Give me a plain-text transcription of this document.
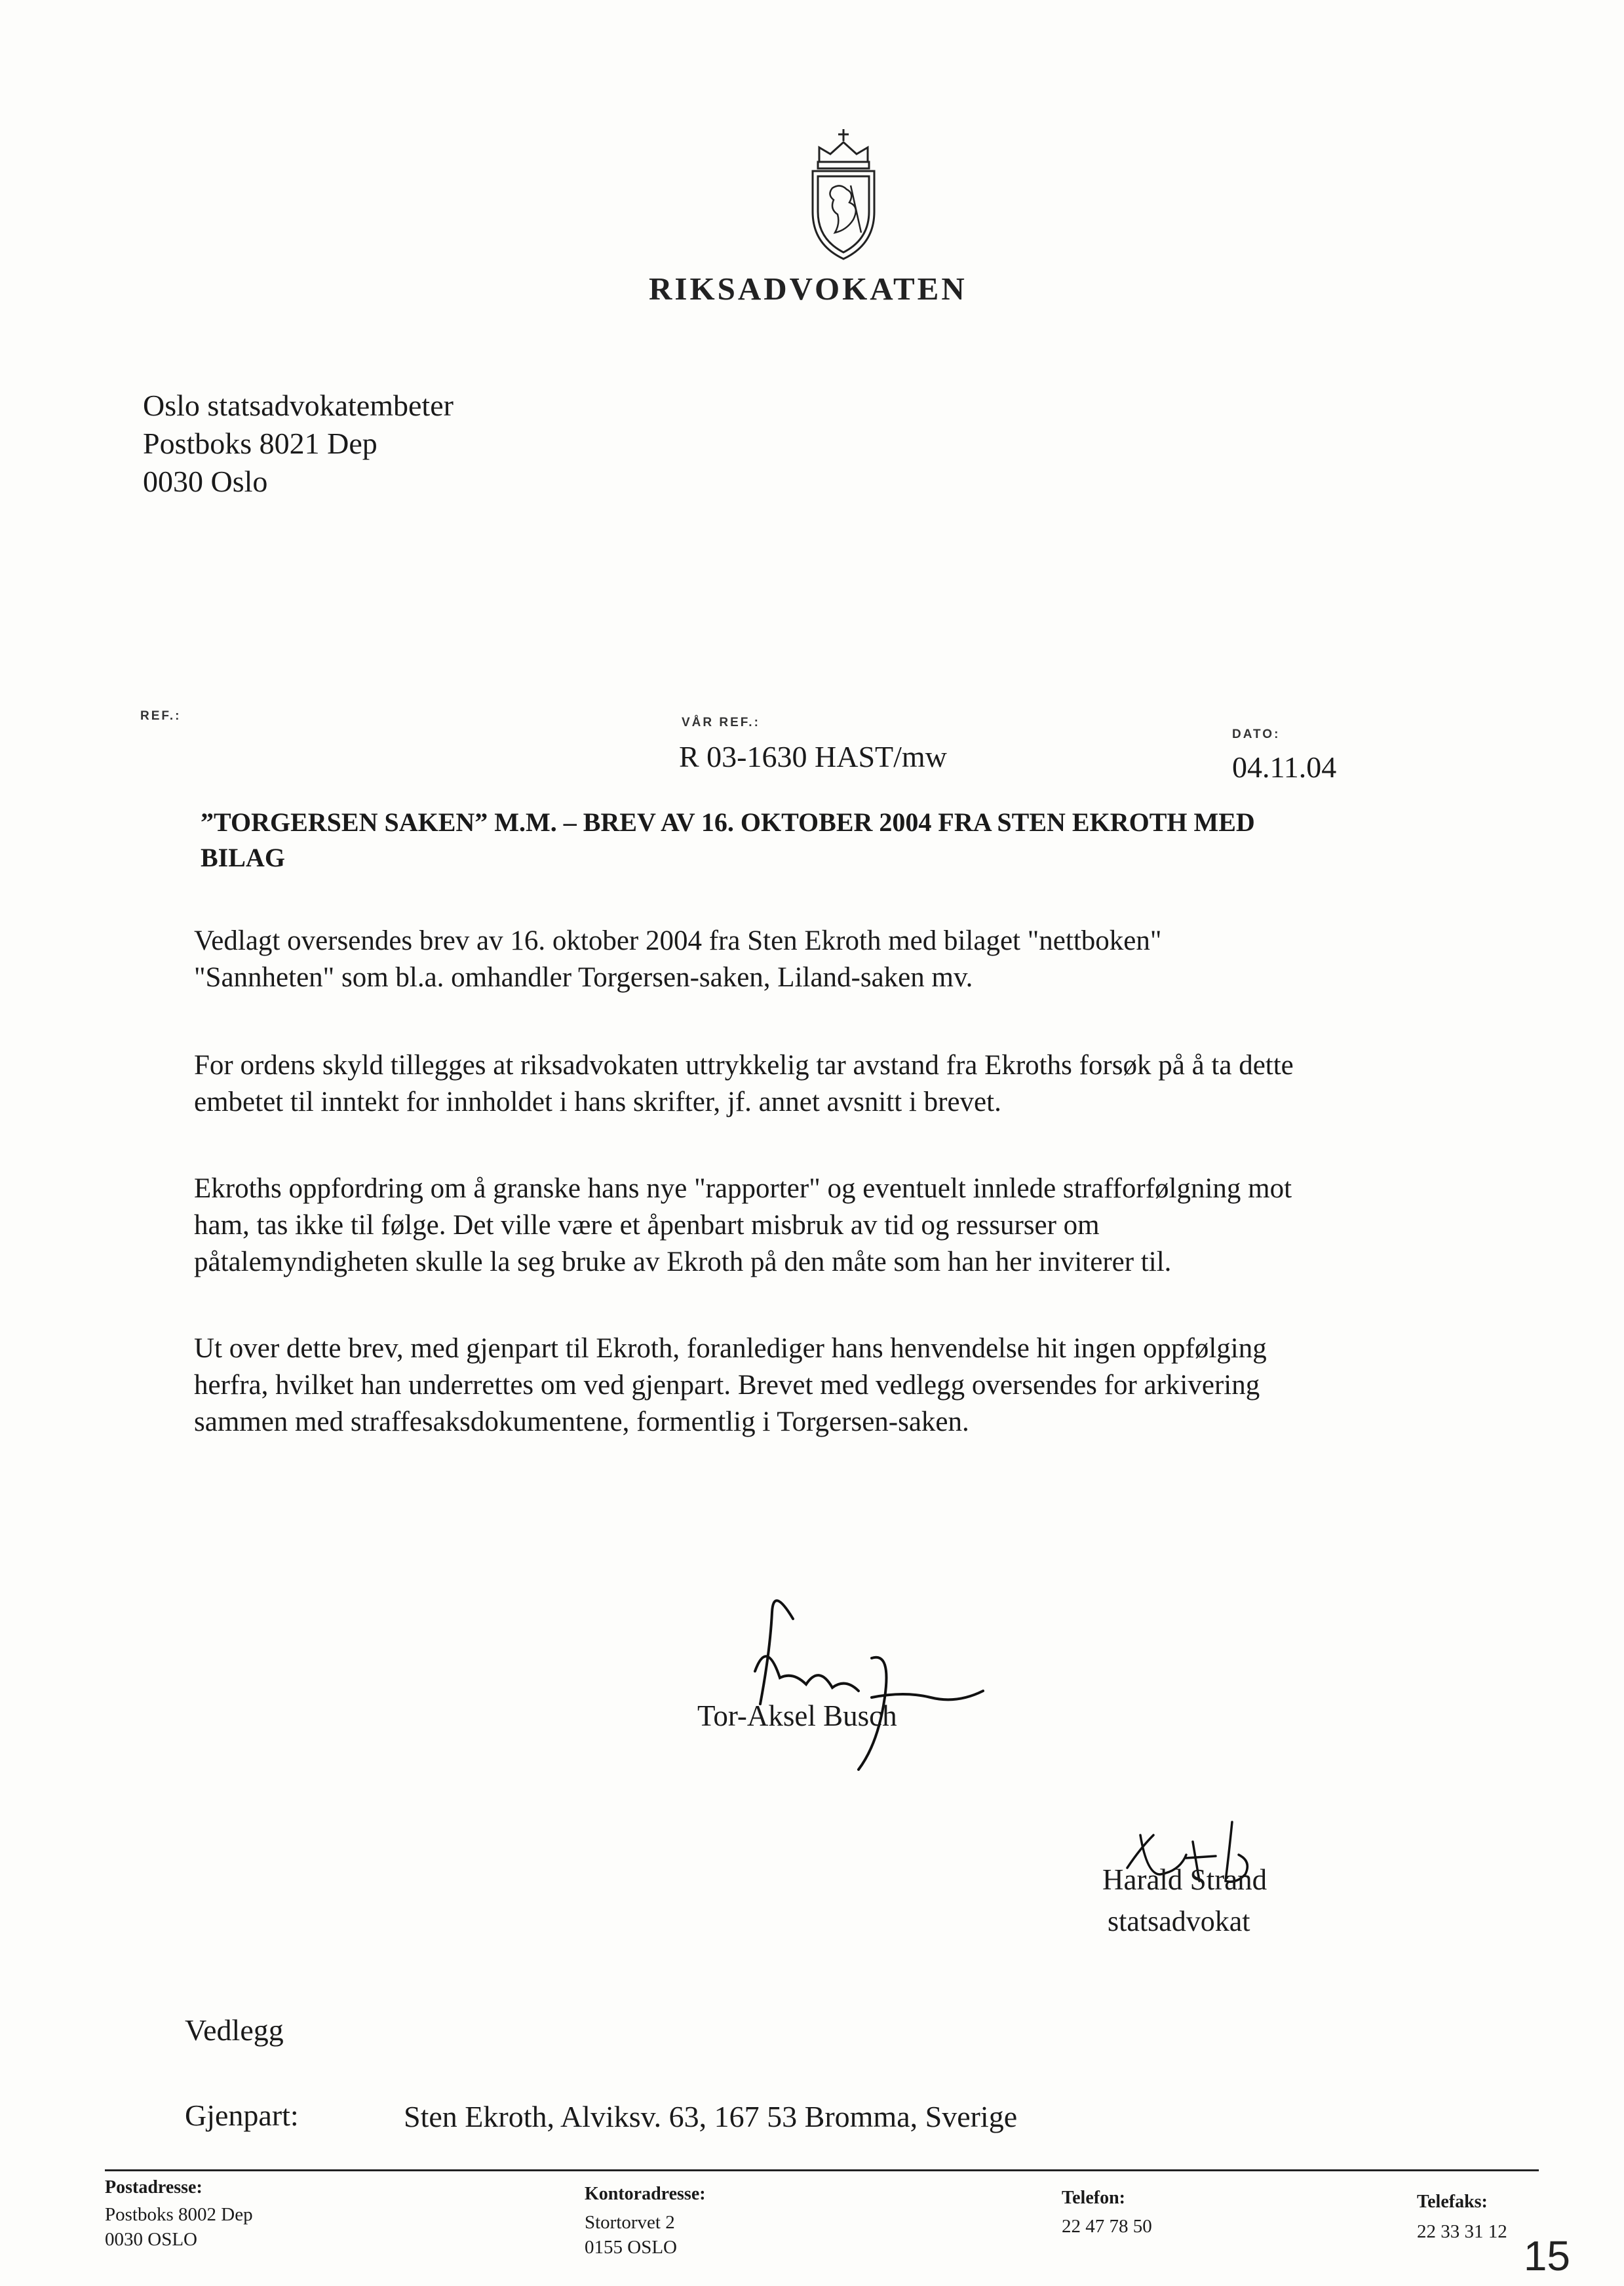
RIKSADVOKATEN
Oslo statsadvokatembeter
Postboks 8021 Dep
0030 Oslo
REF.:	VÅR REF.:
R 03-1630 HAST/mw
DATO:
04.11.04
”TORGERSEN SAKEN” M.M. – BREV AV 16. OKTOBER 2004 FRA STEN EKROTH MED
BILAG
Vedlagt oversendes brev av 16. oktober 2004 fra Sten Ekroth med bilaget "nettboken"
"Sannheten" som bl.a. omhandler Torgersen-saken, Liland-saken mv.
For ordens skyld tillegges at riksadvokaten uttrykkelig tar avstand fra Ekroths forsøk på å ta dette
embetet til inntekt for innholdet i hans skrifter, jf. annet avsnitt i brevet.
Ekroths oppfordring om å granske hans nye "rapporter" og eventuelt innlede strafforfølgning mot
ham, tas ikke til følge. Det ville være et åpenbart misbruk av tid og ressurser om
påtalemyndigheten skulle la seg bruke av Ekroth på den måte som han her inviterer til.
Ut over dette brev, med gjenpart til Ekroth, foranlediger hans henvendelse hit ingen oppfølging
herfra, hvilket han underrettes om ved gjenpart. Brevet med vedlegg oversendes for arkivering
sammen med straffesaksdokumentene, formentlig i Torgersen-saken.
Tor-Aksel Busch
Harald Strand
statsadvokat
Vedlegg
Gjenpart:	Sten Ekroth, Alviksv. 63, 167 53 Bromma, Sverige
Postadresse:
Postboks 8002 Dep
0030 OSLO
Kontoradresse:
Stortorvet 2
0155 OSLO
Telefon:
22 47 78 50
Telefaks:
22 33 31 12
15
